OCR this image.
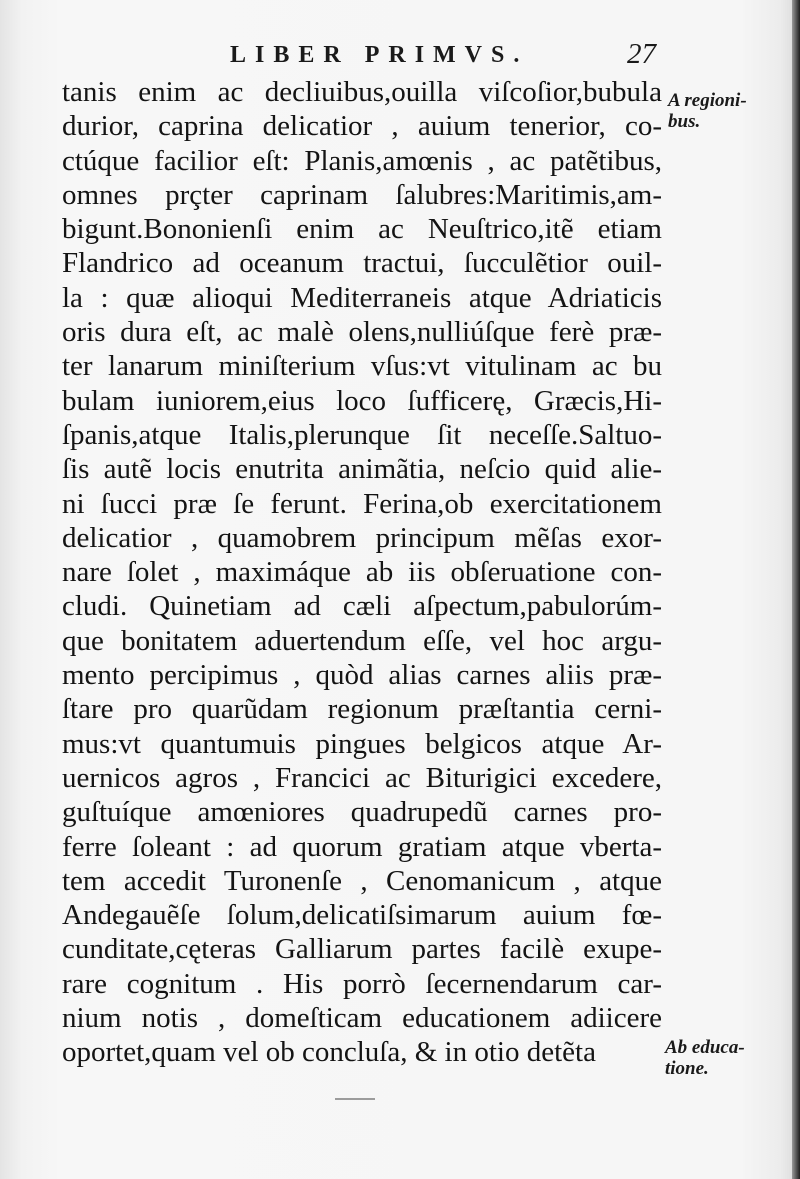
LIBER PRIMVS.	27
tanis enim ac decliuibus,ouilla viſcoſior,bubula
durior, caprina delicatior , auium tenerior, co-
ctúque facilior eſt: Planis,amœnis , ac patẽtibus,
omnes prçter caprinam ſalubres:Maritimis,am-
bigunt.Bononienſi enim ac Neuſtrico,itẽ etiam
Flandrico ad oceanum tractui, ſucculẽtior ouil-
la : quæ alioqui Mediterraneis atque Adriaticis
oris dura eſt, ac malè olens,nulliúſque ferè præ-
ter lanarum miniſterium vſus:vt vitulinam ac bu
bulam iuniorem,eius loco ſufficerę, Græcis,Hi-
ſpanis,atque Italis,plerunque ſit neceſſe.Saltuo-
ſis autẽ locis enutrita animãtia, neſcio quid alie-
ni ſucci præ ſe ferunt. Ferina,ob exercitationem
delicatior , quamobrem principum mẽſas exor-
nare ſolet , maximáque ab iis obſeruatione con-
cludi. Quinetiam ad cæli aſpectum,pabulorúm-
que bonitatem aduertendum eſſe, vel hoc argu-
mento percipimus , quòd alias carnes aliis præ-
ſtare pro quarũdam regionum præſtantia cerni-
mus:vt quantumuis pingues belgicos atque Ar-
uernicos agros , Francici ac Biturigici excedere,
guſtuíque amœniores quadrupedũ carnes pro-
ferre ſoleant : ad quorum gratiam atque vberta-
tem accedit Turonenſe , Cenomanicum , atque
Andegauẽſe ſolum,delicatiſsimarum auium fœ-
cunditate,cęteras Galliarum partes facilè exupe-
rare cognitum . His porrò ſecernendarum car-
nium notis , domeſticam educationem adiicere
oportet,quam vel ob concluſa, & in otio detẽta
A regioni-
bus.
Ab educa-
tione.
